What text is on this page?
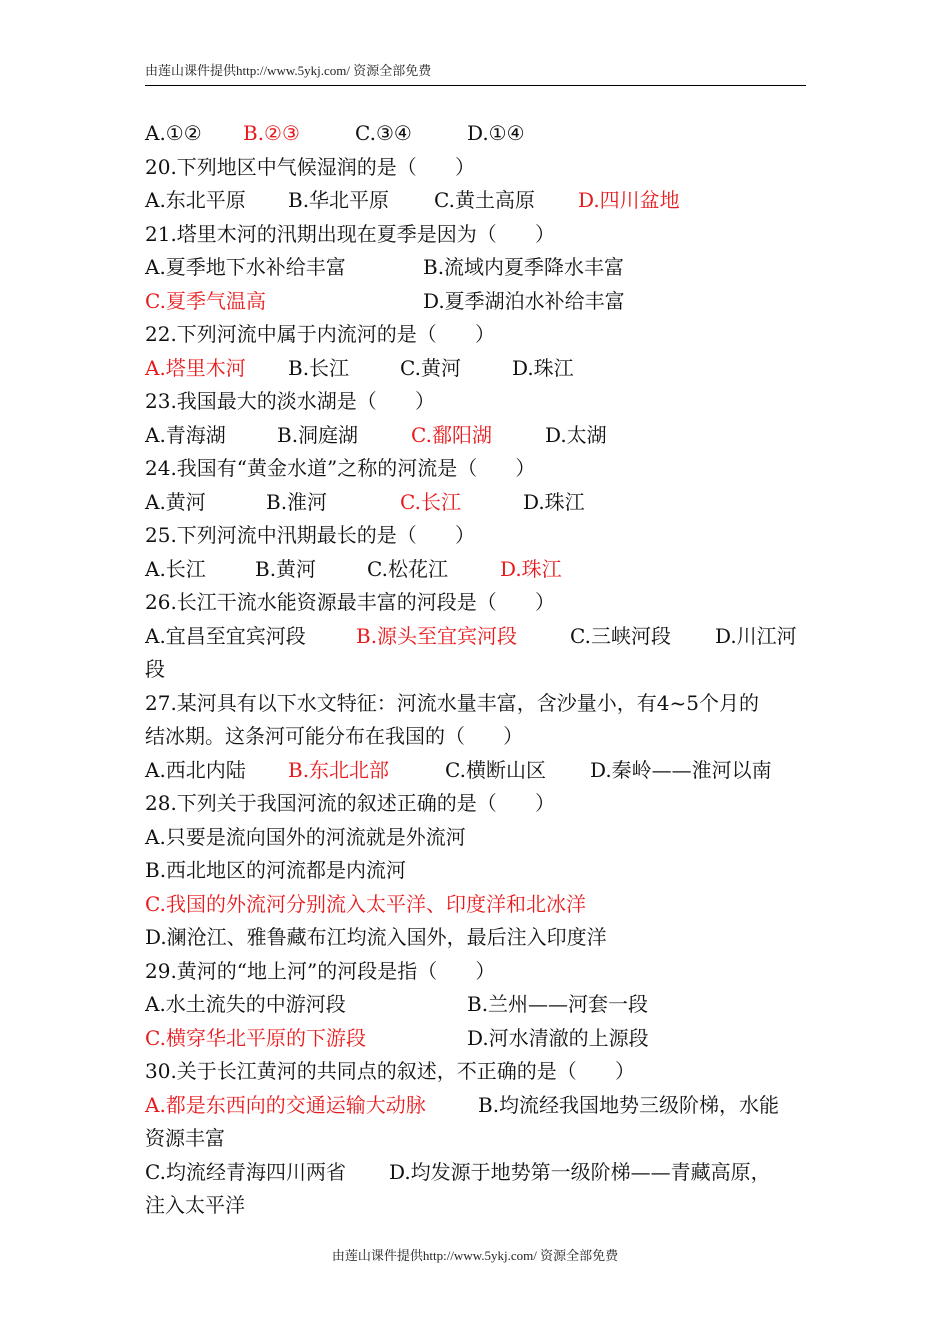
由莲山课件提供http://www.5ykj.com/ 资源全部免费
A.①② B.②③	C.③④	D.①④
20.下列地区中气候湿润的是（      ）
A.东北平原 B.华北平原 C.黄土高原 D.四川盆地
21.塔里木河的汛期出现在夏季是因为（      ）
A.夏季地下水补给丰富	B.流域内夏季降水丰富
C.夏季气温高	D.夏季湖泊水补给丰富
22.下列河流中属于内流河的是（      ）
A.塔里木河 B.长江	C.黄河	D.珠江
23.我国最大的淡水湖是（      ）
A.青海湖	B.洞庭湖	C.鄱阳湖	D.太湖
24.我国有“黄金水道”之称的河流是（      ）
A.黄河	B.淮河	C.长江	D.珠江
25.下列河流中汛期最长的是（      ）
A.长江 B.黄河	C.松花江	D.珠江
26.长江干流水能资源最丰富的河段是（      ）
A.宜昌至宜宾河段	B.源头至宜宾河段	C.三峡河段 D.川江河
段
27.某河具有以下水文特征：河流水量丰富，含沙量小，有4~5个月的
结冰期。这条河可能分布在我国的（      ）
A.西北内陆 B.东北北部	C.横断山区 D.秦岭——淮河以南
28.下列关于我国河流的叙述正确的是（      ）
A.只要是流向国外的河流就是外流河
B.西北地区的河流都是内流河
C.我国的外流河分别流入太平洋、印度洋和北冰洋
D.澜沧江、雅鲁藏布江均流入国外，最后注入印度洋
29.黄河的“地上河”的河段是指（      ）
A.水土流失的中游河段	B.兰州——河套一段
C.横穿华北平原的下游段	D.河水清澈的上源段
30.关于长江黄河的共同点的叙述，不正确的是（      ）
A.都是东西向的交通运输大动脉	B.均流经我国地势三级阶梯，水能
资源丰富
C.均流经青海四川两省 D.均发源于地势第一级阶梯——青藏高原，
注入太平洋
由莲山课件提供http://www.5ykj.com/ 资源全部免费
